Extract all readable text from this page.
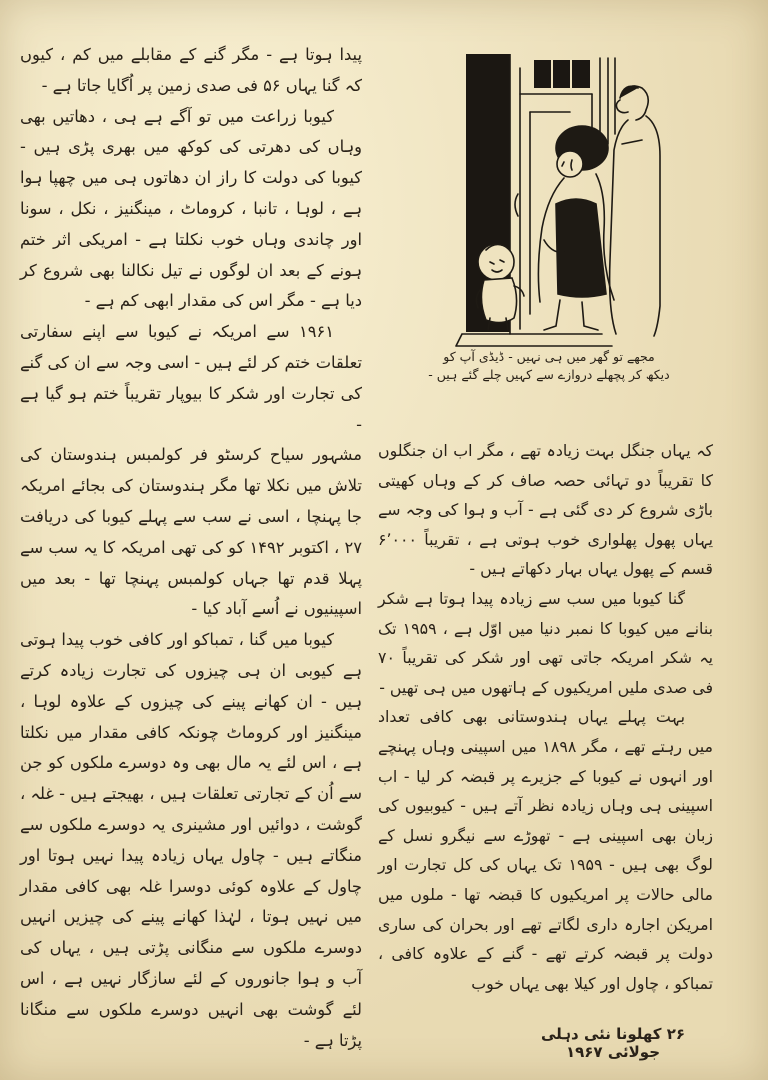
پیدا ہوتا ہے - مگر گنے کے مقابلے میں کم ، کیوں کہ گنا یہاں ۵۶ فی صدی زمین پر اُگایا جاتا ہے -

کیوبا زراعت میں تو آگے ہے ہی ، دھاتیں بھی وہاں کی دھرتی کی کوکھ میں بھری پڑی ہیں - کیوبا کی دولت کا راز ان دھاتوں ہی میں چھپا ہوا ہے ، لوہا ، تانبا ، کروماٹ ، مینگنیز ، نکل ، سونا اور چاندی وہاں خوب نکلتا ہے - امریکی اثر ختم ہونے کے بعد ان لوگوں نے تیل نکالنا بھی شروع کر دیا ہے - مگر اس کی مقدار ابھی کم ہے -

۱۹۶۱ سے امریکہ نے کیوبا سے اپنے سفارتی تعلقات ختم کر لئے ہیں - اسی وجہ سے ان کی گنے کی تجارت اور شکر کا بیوپار تقریباً ختم ہو گیا ہے -

مشہور سیاح کرسٹو فر کولمبس ہندوستان کی تلاش میں نکلا تھا مگر ہندوستان کی بجائے امریکہ جا پہنچا ، اسی نے سب سے پہلے کیوبا کی دریافت ۲۷ ، اکتوبر ۱۴۹۲ کو کی تھی امریکہ کا یہ سب سے پہلا قدم تھا جہاں کولمبس پہنچا تھا - بعد میں اسپینیوں نے اُسے آباد کیا -

کیوبا میں گنا ، تمباکو اور کافی خوب پیدا ہوتی ہے کیوبی ان ہی چیزوں کی تجارت زیادہ کرتے ہیں - ان کھانے پینے کی چیزوں کے علاوہ لوہا ، مینگنیز اور کروماٹ چونکہ کافی مقدار میں نکلتا ہے ، اس لئے یہ مال بھی وہ دوسرے ملکوں کو جن سے اُن کے تجارتی تعلقات ہیں ، بھیجتے ہیں - غلہ ، گوشت ، دوائیں اور مشینری یہ دوسرے ملکوں سے منگاتے ہیں - چاول یہاں زیادہ پیدا نہیں ہوتا اور چاول کے علاوہ کوئی دوسرا غلہ بھی کافی مقدار میں نہیں ہوتا ، لہٰذا کھانے پینے کی چیزیں انہیں دوسرے ملکوں سے منگانی پڑتی ہیں ، یہاں کی آب و ہوا جانوروں کے لئے سازگار نہیں ہے ، اس لئے گوشت بھی انہیں دوسرے ملکوں سے منگانا پڑتا ہے -

مجھے تو گھر میں ہی نہیں - ڈیڈی آپ کو
دیکھ کر پچھلے دروازے سے کہیں چلے گئے ہیں -

کہ یہاں جنگل بہت زیادہ تھے ، مگر اب ان جنگلوں کا تقریباً دو تہائی حصہ صاف کر کے وہاں کھیتی باڑی شروع کر دی گئی ہے - آب و ہوا کی وجہ سے یہاں پھول پھلواری خوب ہوتی ہے ، تقریباً ۶٬۰۰۰ قسم کے پھول یہاں بہار دکھاتے ہیں -

گنا کیوبا میں سب سے زیادہ پیدا ہوتا ہے شکر بنانے میں کیوبا کا نمبر دنیا میں اوّل ہے ، ۱۹۵۹ تک یہ شکر امریکہ جاتی تھی اور شکر کی تقریباً ۷۰ فی صدی ملیں امریکیوں کے ہاتھوں میں ہی تھیں -

بہت پہلے یہاں ہندوستانی بھی کافی تعداد میں رہتے تھے ، مگر ۱۸۹۸ میں اسپینی وہاں پہنچے اور انہوں نے کیوبا کے جزیرے پر قبضہ کر لیا - اب اسپینی ہی وہاں زیادہ نظر آتے ہیں - کیوبیوں کی زبان بھی اسپینی ہے - تھوڑے سے نیگرو نسل کے لوگ بھی ہیں - ۱۹۵۹ تک یہاں کی کل تجارت اور مالی حالات پر امریکیوں کا قبضہ تھا - ملوں میں امریکن اجارہ داری لگاتے تھے اور بحران کی ساری دولت پر قبضہ کرتے تھے - گنے کے علاوہ کافی ، تمباکو ، چاول اور کیلا بھی یہاں خوب

۲۶ کھلونا نئی دہلی جولائی ۱۹۶۷
